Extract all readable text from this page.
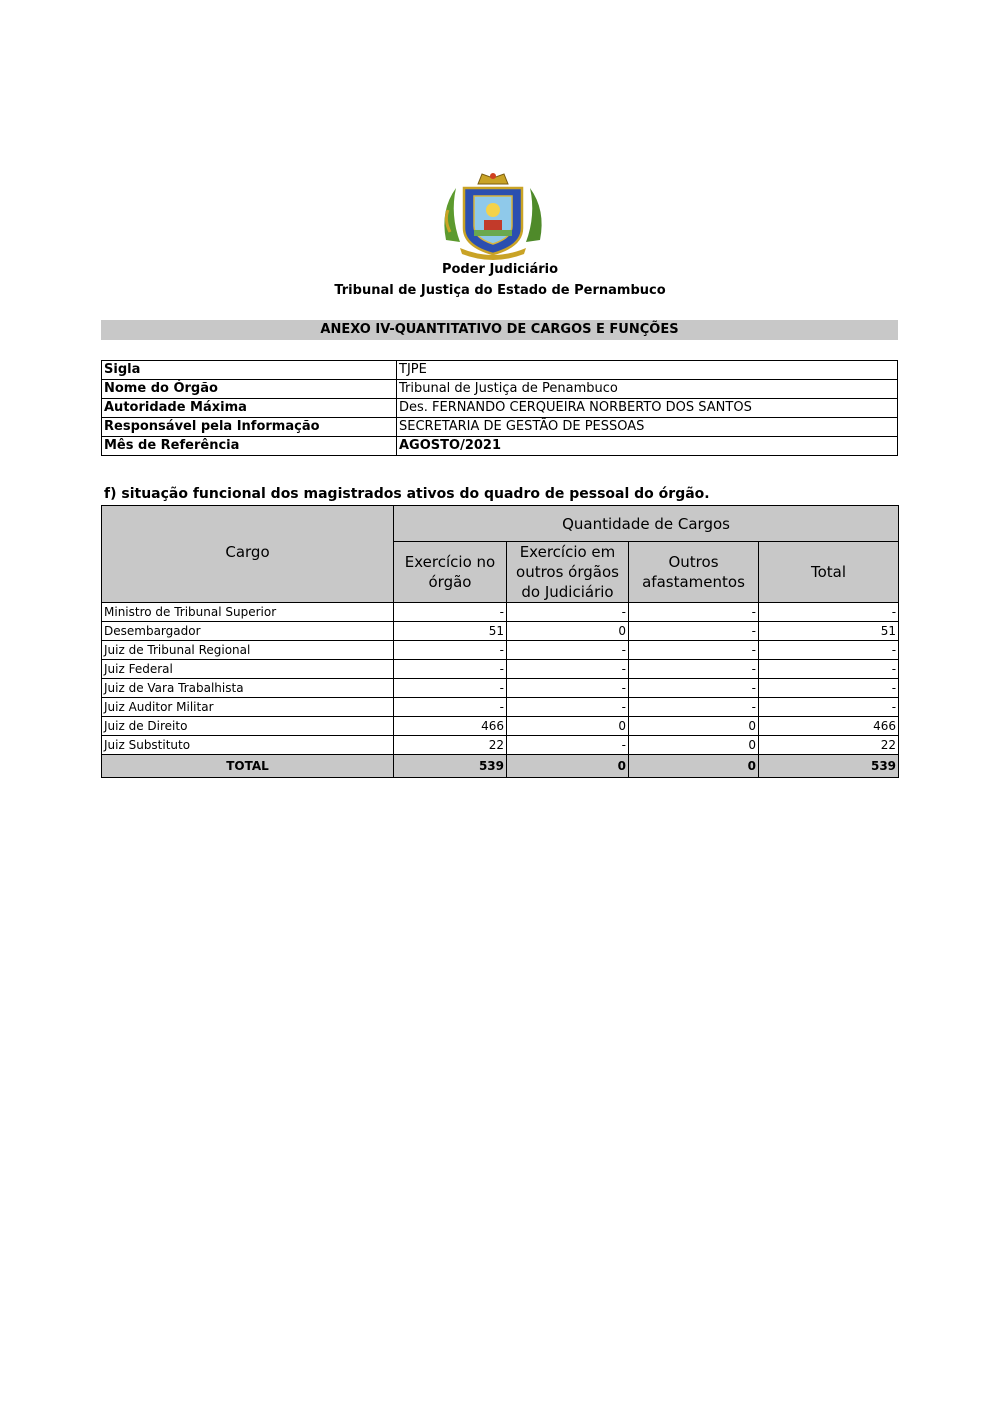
Poder Judiciário
Tribunal de Justiça do Estado de Pernambuco
ANEXO IV-QUANTITATIVO DE CARGOS E FUNÇÕES
Sigla	TJPE
Nome do Órgão	Tribunal de Justiça de Penambuco
Autoridade Máxima	Des. FERNANDO CERQUEIRA NORBERTO DOS SANTOS
Responsável pela Informação	SECRETARIA DE GESTÃO DE PESSOAS
Mês de Referência	AGOSTO/2021
f) situação funcional dos magistrados ativos do quadro de pessoal do órgão.
Cargo	Quantidade de Cargos			
	Exercício no órgão	Exercício em outros órgãos do Judiciário	Outros afastamentos	Total
Ministro de Tribunal Superior	-	-	-	-
Desembargador	51	0	-	51
Juiz de Tribunal Regional	-	-	-	-
Juiz Federal	-	-	-	-
Juiz de Vara Trabalhista	-	-	-	-
Juiz Auditor Militar	-	-	-	-
Juiz de Direito	466	0	0	466
Juiz Substituto	22	-	0	22
TOTAL	539	0	0	539
